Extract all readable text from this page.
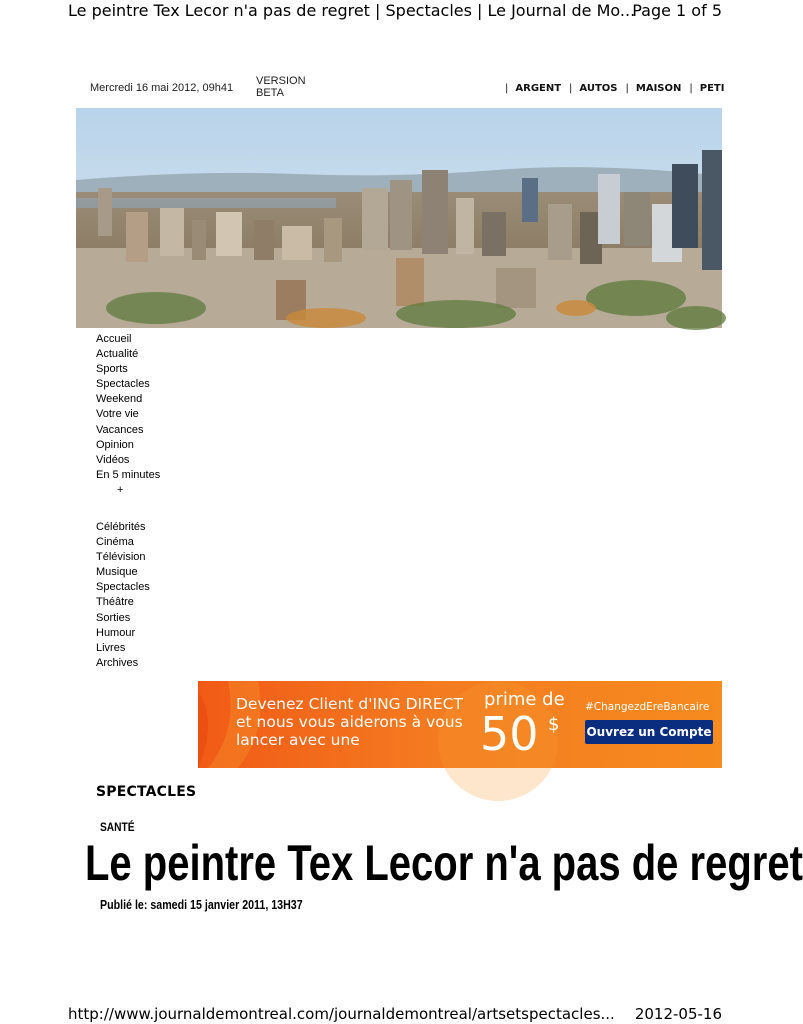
Le peintre Tex Lecor n'a pas de regret | Spectacles | Le Journal de Mo...
Page 1 of 5
Mercredi 16 mai 2012, 09h41
VERSION
BETA	| ARGENT | AUTOS | MAISON | PETI
Accueil
Actualité
Sports
Spectacles
Weekend
Votre vie
Vacances
Opinion
Vidéos
En 5 minutes
+
Célébrités
Cinéma
Télévision
Musique
Spectacles
Théâtre
Sorties
Humour
Livres
Archives
Devenez Client d'ING DIRECT
et nous vous aiderons à vous
lancer avec une
prime de
50 $
#ChangezdEreBancaire
Ouvrez un Compte
SPECTACLES
SANTÉ
Le peintre Tex Lecor n'a pas de regret
Publié le: samedi 15 janvier 2011, 13H37
http://www.journaldemontreal.com/journaldemontreal/artsetspectacles... 2012-05-16
